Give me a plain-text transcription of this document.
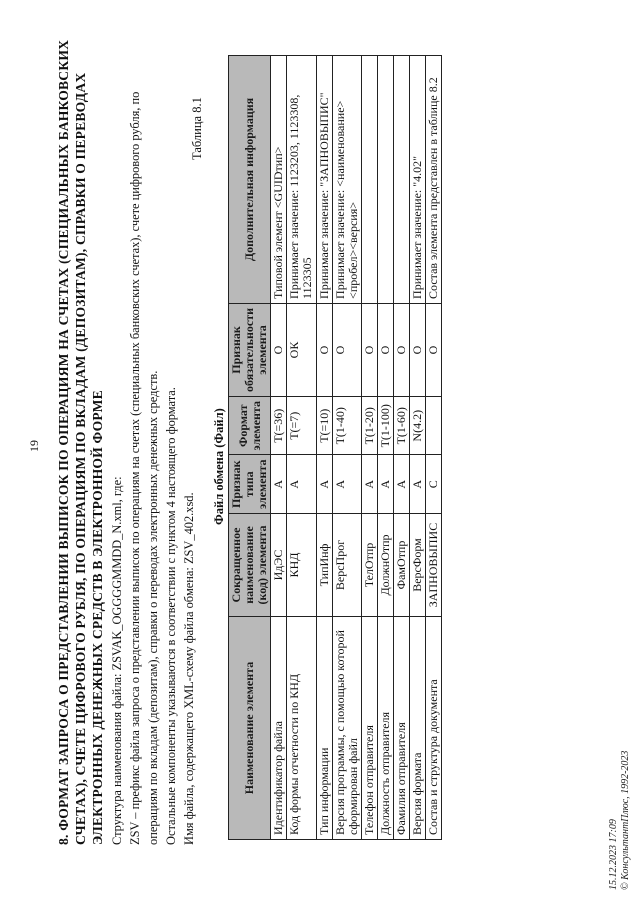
19 8. ФОРМАТ ЗАПРОСА О ПРЕДСТАВЛЕНИИ ВЫПИСОК ПО ОПЕРАЦИЯМ НА СЧЕТАХ (СПЕЦИАЛЬНЫХ БАНКОВСКИХ СЧЕТАХ), СЧЕТЕ ЦИФРОВОГО РУБЛЯ, ПО ОПЕРАЦИЯМ ПО ВКЛАДАМ (ДЕПОЗИТАМ), СПРАВКИ О ПЕРЕВОДАХ ЭЛЕКТРОННЫХ ДЕНЕЖНЫХ СРЕДСТВ В ЭЛЕКТРОННОЙ ФОРМЕ Структура наименования файла: ZSVAK_OGGGGMMDD_N.xml, где: ZSV – префикс файла запроса о представлении выписок по операциям на счетах (специальных банковских счетах), счете цифрового рубля, по операциям по вкладам (депозитам), справки о переводах электронных денежных средств. Остальные компоненты указываются в соответствии с пунктом 4 настоящего формата. Имя файла, содержащего XML-схему файла обмена: ZSV_402.xsd.
Таблица 8.1
Файл обмена (Файл)
Наименование элемента	Сокращенное наименование (код) элемента	Признак типа элемента	Формат элемента	Признак обязательности элемента	Дополнительная информация
Идентификатор файла	ИдЭС	А	T(=36)	О	Типовой элемент <GUIDтип>
Код формы отчетности по КНД	КНД	А	T(=7)	ОК	Принимает значение: 1123203, 1123308, 1123305
Тип информации	ТипИнф	А	T(=10)	О	Принимает значение: "ЗАПНОВЫПИС"
Версия программы, с помощью которой сформирован файл	ВерсПрог	А	T(1-40)	О	Принимает значение: <наименование><пробел><версия>
Телефон отправителя	ТелОтпр	А	T(1-20)	О	
Должность отправителя	ДолжнОтпр	А	T(1-100)	О	
Фамилия отправителя	ФамОтпр	А	T(1-60)	О	
Версия формата	ВерсФорм	А	N(4.2)	О	Принимает значение: "4.02"
Состав и структура документа	ЗАПНОВЫПИС	С		О	Состав элемента представлен в таблице 8.2
15.12.2023 17:09 © КонсультантПлюс, 1992-2023
